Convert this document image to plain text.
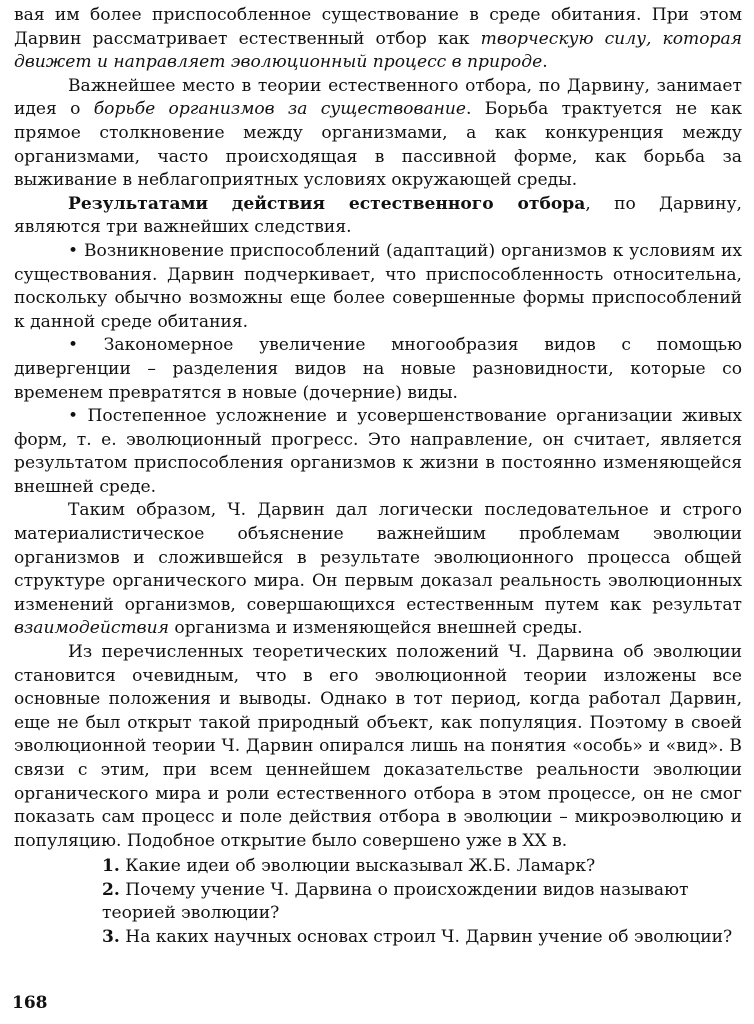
вая им более приспособленное существование в среде обитания. При этом Дарвин рассматривает естественный отбор как творческую силу, которая движет и направляет эволюционный процесс в природе.

Важнейшее место в теории естественного отбора, по Дарвину, занимает идея о борьбе организмов за существование. Борьба трактуется не как прямое столкновение между организмами, а как конкуренция между организмами, часто происходящая в пассивной форме, как борьба за выживание в неблагоприятных условиях окружающей среды.

Результатами действия естественного отбора, по Дарвину, являются три важнейших следствия.

• Возникновение приспособлений (адаптаций) организмов к условиям их существования. Дарвин подчеркивает, что приспособленность относительна, поскольку обычно возможны еще более совершенные формы приспособлений к данной среде обитания.

• Закономерное увеличение многообразия видов с помощью дивергенции – разделения видов на новые разновидности, которые со временем превратятся в новые (дочерние) виды.

• Постепенное усложнение и усовершенствование организации живых форм, т. е. эволюционный прогресс. Это направление, он считает, является результатом приспособления организмов к жизни в постоянно изменяющейся внешней среде.

Таким образом, Ч. Дарвин дал логически последовательное и строго материалистическое объяснение важнейшим проблемам эволюции организмов и сложившейся в результате эволюционного процесса общей структуре органического мира. Он первым доказал реальность эволюционных изменений организмов, совершающихся естественным путем как результат взаимодействия организма и изменяющейся внешней среды.

Из перечисленных теоретических положений Ч. Дарвина об эволюции становится очевидным, что в его эволюционной теории изложены все основные положения и выводы. Однако в тот период, когда работал Дарвин, еще не был открыт такой природный объект, как популяция. Поэтому в своей эволюционной теории Ч. Дарвин опирался лишь на понятия «особь» и «вид». В связи с этим, при всем ценнейшем доказательстве реальности эволюции органического мира и роли естественного отбора в этом процессе, он не смог показать сам процесс и поле действия отбора в эволюции – микроэволюцию и популяцию. Подобное открытие было совершено уже в XX в.

1. Какие идеи об эволюции высказывал Ж.Б. Ламарк?

2. Почему учение Ч. Дарвина о происхождении видов называют теорией эволюции?

3. На каких научных основах строил Ч. Дарвин учение об эволюции?

168
